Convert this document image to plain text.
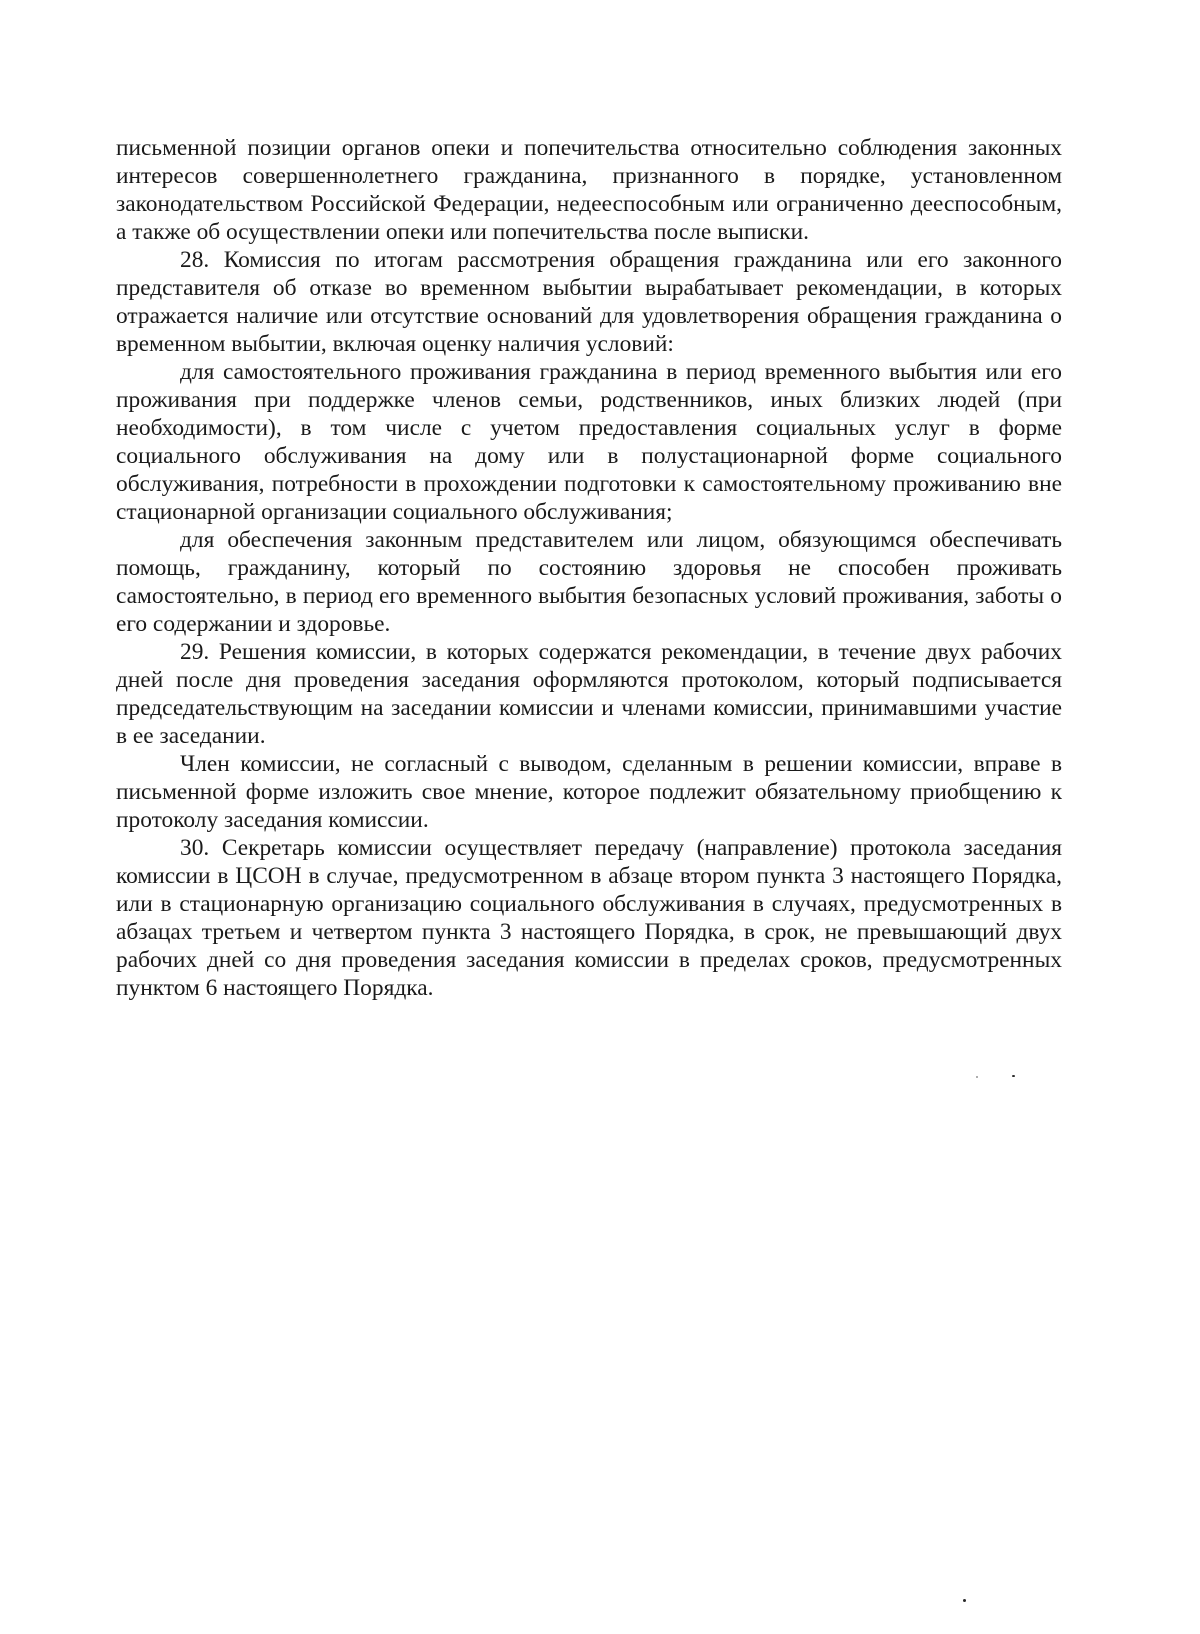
письменной позиции органов опеки и попечительства относительно соблюдения законных интересов совершеннолетнего гражданина, признанного в порядке, установленном законодательством Российской Федерации, недееспособным или ограниченно дееспособным, а также об осуществлении опеки или попечительства после выписки.

28. Комиссия по итогам рассмотрения обращения гражданина или его законного представителя об отказе во временном выбытии вырабатывает рекомендации, в которых отражается наличие или отсутствие оснований для удовлетворения обращения гражданина о временном выбытии, включая оценку наличия условий:

для самостоятельного проживания гражданина в период временного выбытия или его проживания при поддержке членов семьи, родственников, иных близких людей (при необходимости), в том числе с учетом предоставления социальных услуг в форме социального обслуживания на дому или в полустационарной форме социального обслуживания, потребности в прохождении подготовки к самостоятельному проживанию вне стационарной организации социального обслуживания;

для обеспечения законным представителем или лицом, обязующимся обеспечивать помощь, гражданину, который по состоянию здоровья не способен проживать самостоятельно, в период его временного выбытия безопасных условий проживания, заботы о его содержании и здоровье.

29. Решения комиссии, в которых содержатся рекомендации, в течение двух рабочих дней после дня проведения заседания оформляются протоколом, который подписывается председательствующим на заседании комиссии и членами комиссии, принимавшими участие в ее заседании.

Член комиссии, не согласный с выводом, сделанным в решении комиссии, вправе в письменной форме изложить свое мнение, которое подлежит обязательному приобщению к протоколу заседания комиссии.

30. Секретарь комиссии осуществляет передачу (направление) протокола заседания комиссии в ЦСОН в случае, предусмотренном в абзаце втором пункта 3 настоящего Порядка, или в стационарную организацию социального обслуживания в случаях, предусмотренных в абзацах третьем и четвертом пункта 3 настоящего Порядка, в срок, не превышающий двух рабочих дней со дня проведения заседания комиссии в пределах сроков, предусмотренных пунктом 6 настоящего Порядка.
